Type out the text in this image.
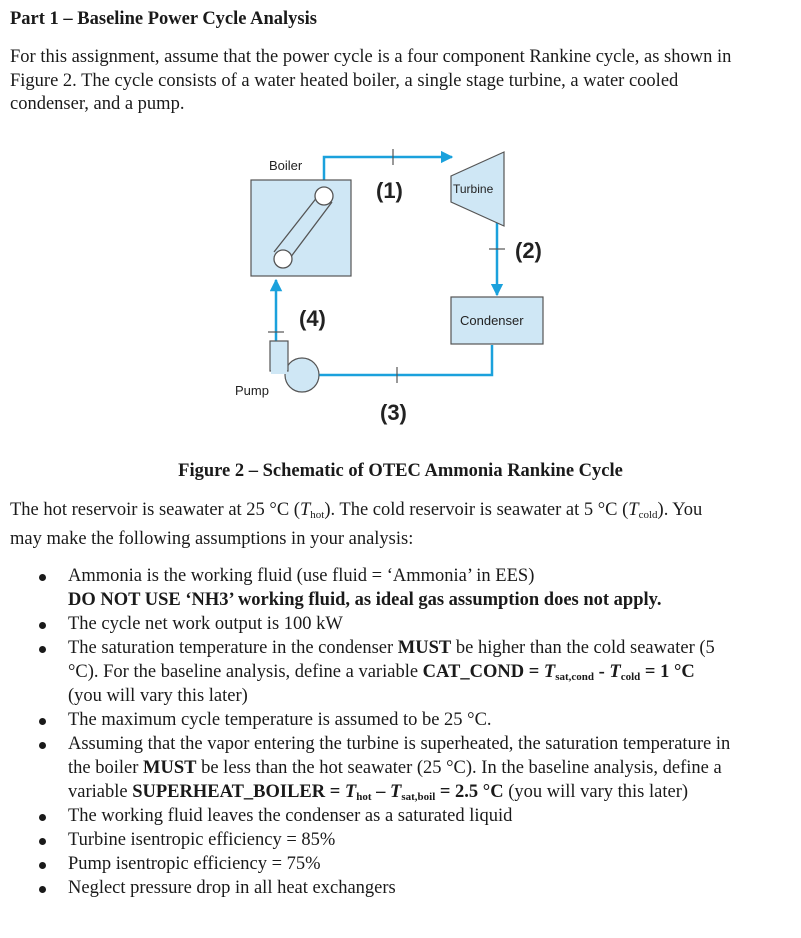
Part 1 – Baseline Power Cycle Analysis
For this assignment, assume that the power cycle is a four component Rankine cycle, as shown in
Figure 2. The cycle consists of a water heated boiler, a single stage turbine, a water cooled
condenser, and a pump.
Boiler
Turbine
Condenser
Pump
(1)
(2)
(3)
(4)
Figure 2 – Schematic of OTEC Ammonia Rankine Cycle
The hot reservoir is seawater at 25 °C $(T_{hot})$. The cold reservoir is seawater at 5 °C $(T_{cold})$. You
may make the following assumptions in your analysis:
Ammonia is the working fluid (use fluid = ‘Ammonia’ in EES)
DO NOT USE ‘NH3’ working fluid, as ideal gas assumption does not apply.
The cycle net work output is 100 kW
The saturation temperature in the condenser MUST be higher than the cold seawater (5
°C). For the baseline analysis, define a variable CAT_COND = $T_{sat,cond} - T_{cold} = 1$ °C
(you will vary this later)
The maximum cycle temperature is assumed to be 25 °C.
Assuming that the vapor entering the turbine is superheated, the saturation temperature in
the boiler MUST be less than the hot seawater (25 °C). In the baseline analysis, define a
variable SUPERHEAT_BOILER = $T_{hot} - T_{sat,boil} = 2.5$ °C (you will vary this later)
The working fluid leaves the condenser as a saturated liquid
Turbine isentropic efficiency = 85%
Pump isentropic efficiency = 75%
Neglect pressure drop in all heat exchangers
